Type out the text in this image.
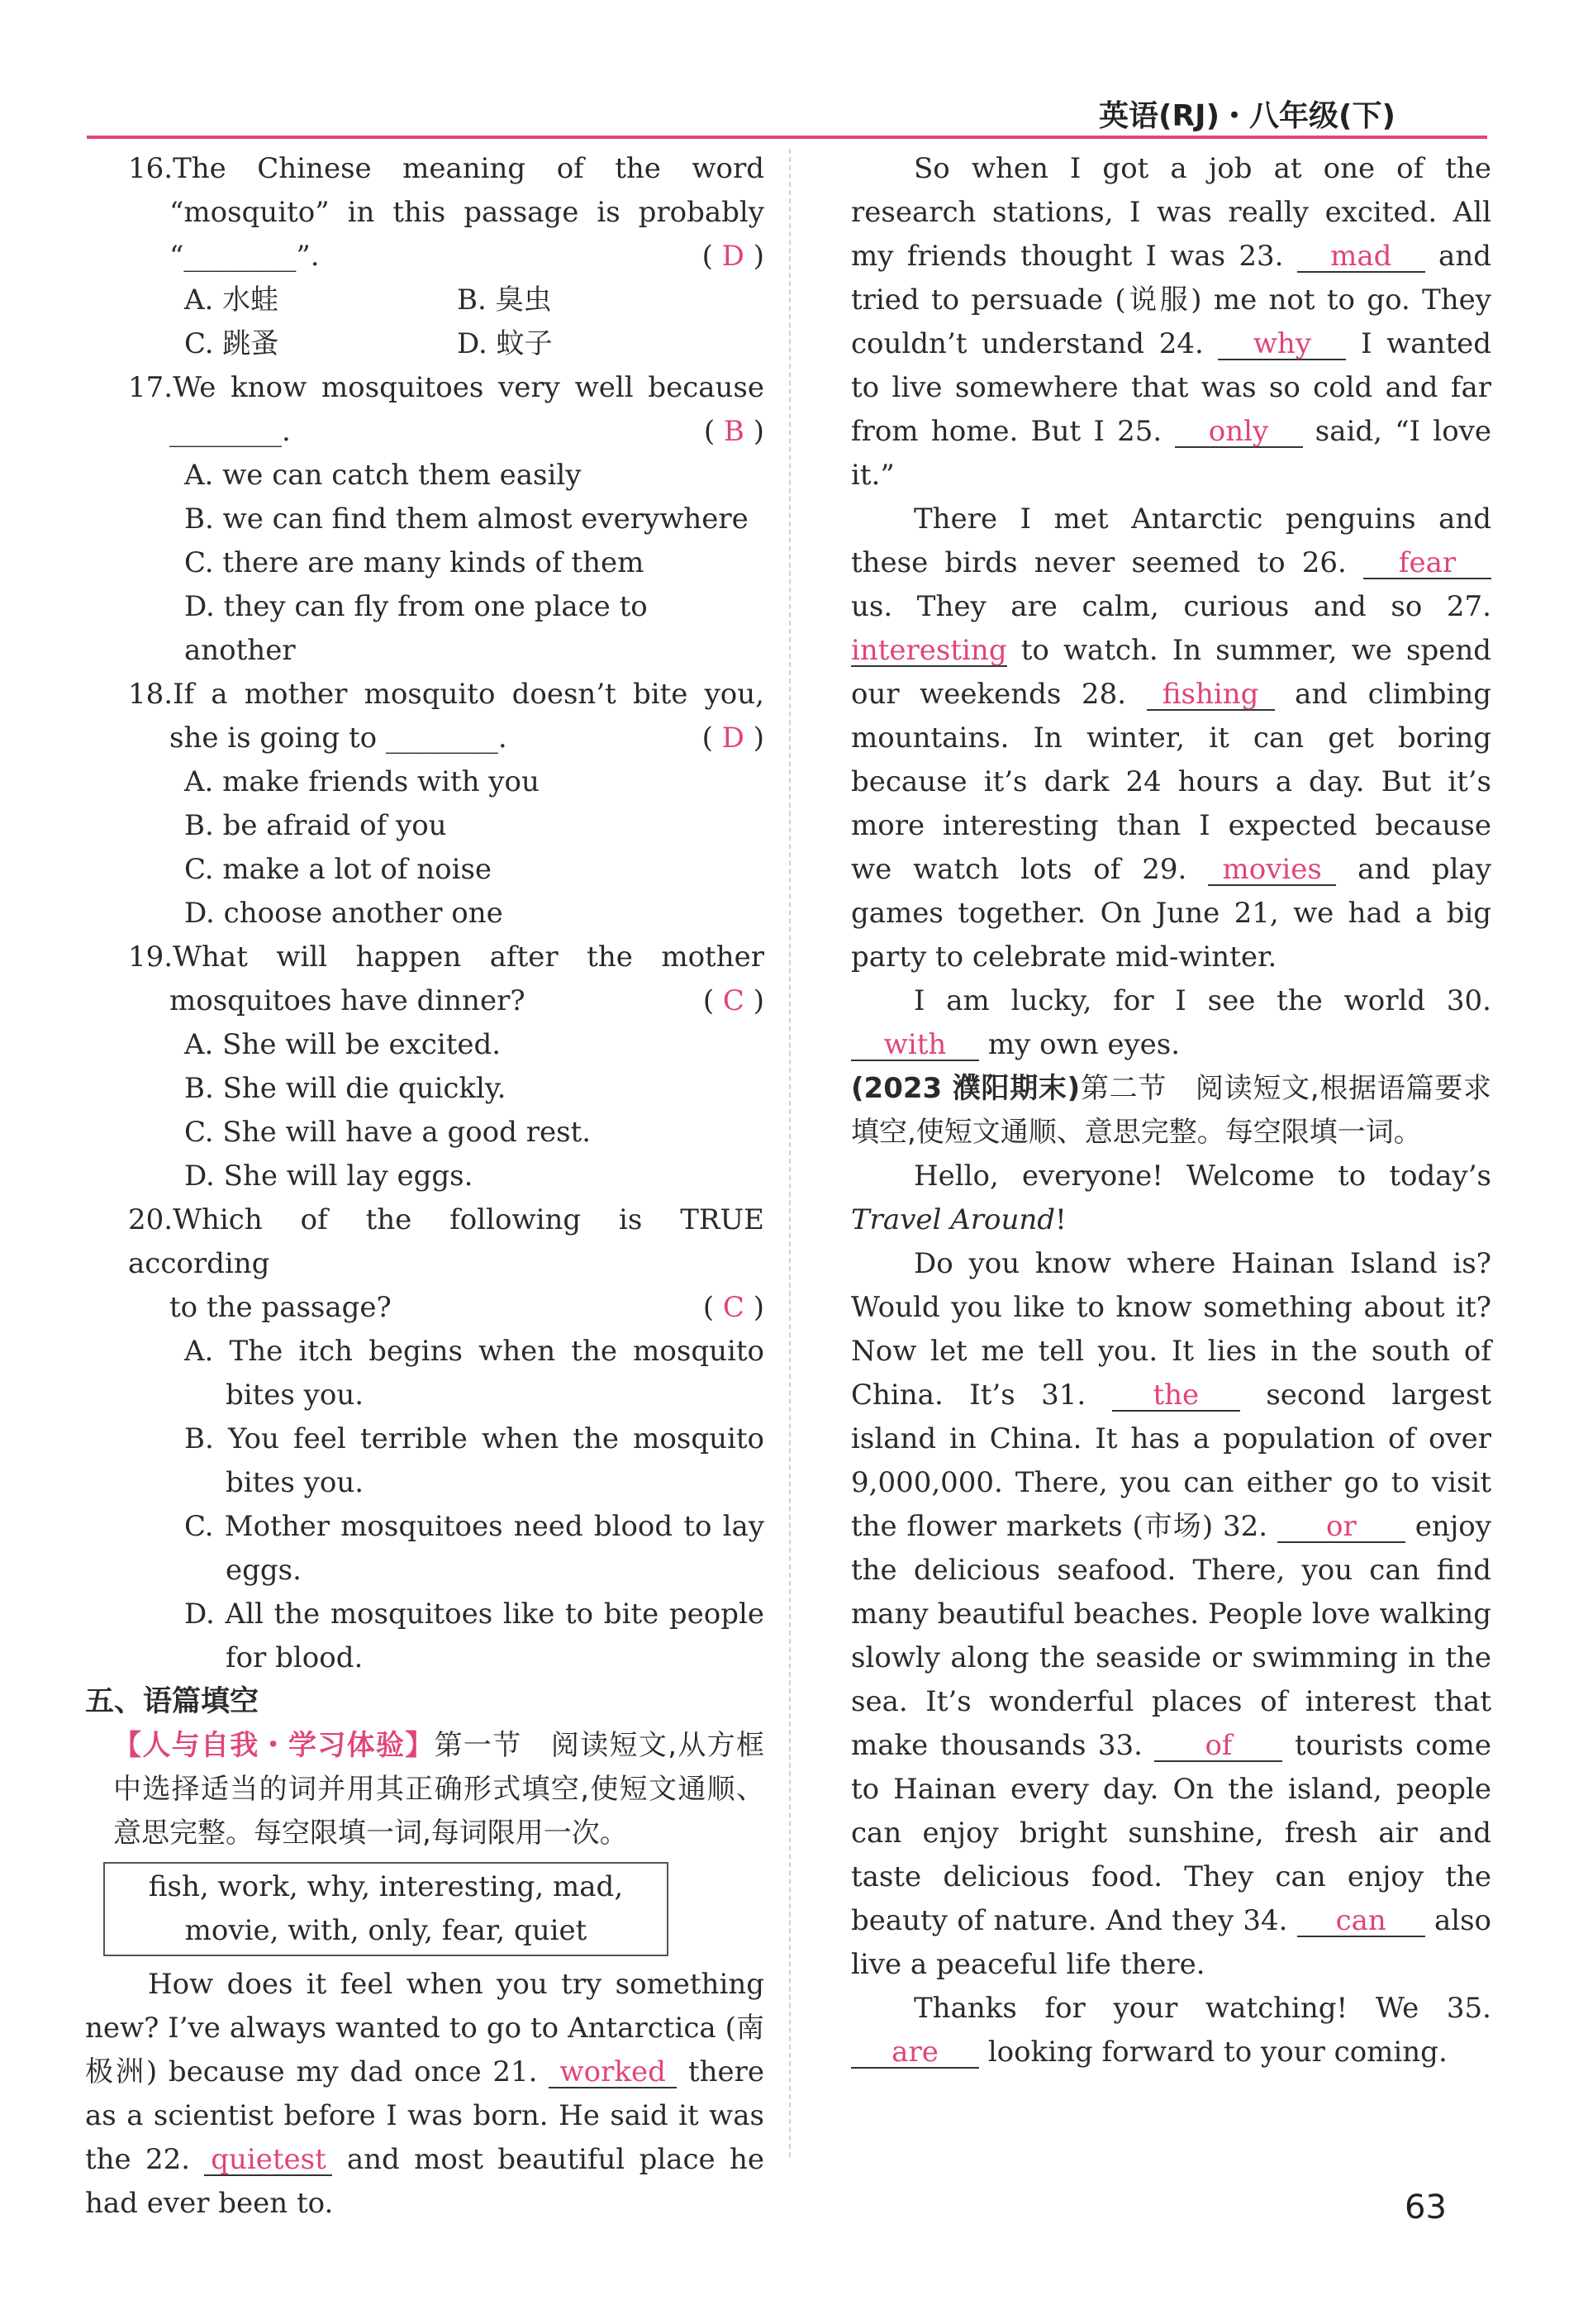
英语(RJ)・八年级(下)

16.The Chinese meaning of the word

“mosquito” in this passage is probably

“________”.	( D )
A. 水蛙	B. 臭虫
C. 跳蚤	D. 蚊子

17.We know mosquitoes very well because

________.	( B )

A. we can catch them easily

B. we can find them almost everywhere

C. there are many kinds of them

D. they can fly from one place to another

18.If a mother mosquito doesn’t bite you,

she is going to ________.	( D )

A. make friends with you

B. be afraid of you

C. make a lot of noise

D. choose another one

19.What will happen after the mother

mosquitoes have dinner?	( C )

A. She will be excited.

B. She will die quickly.

C. She will have a good rest.

D. She will lay eggs.

20.Which of the following is TRUE according

to the passage?	( C )

A. The itch begins when the mosquito

bites you.

B. You feel terrible when the mosquito

bites you.

C. Mother mosquitoes need blood to lay

eggs.

D. All the mosquitoes like to bite people

for blood.

五、语篇填空
【人与自我・学习体验】第一节　阅读短文,从方框中选择适当的词并用其正确形式填空,使短文通顺、意思完整。每空限填一词,每词限用一次。
fish, work, why, interesting, mad,
movie, with, only, fear, quiet

How does it feel when you try something new? I’ve always wanted to go to Antarctica (南极洲) because my dad once 21. worked there as a scientist before I was born. He said it was the 22. quietest and most beautiful place he had ever been to.

So when I got a job at one of the research stations, I was really excited. All my friends thought I was 23. mad and tried to persuade (说服) me not to go. They couldn’t understand 24. why I wanted to live somewhere that was so cold and far from home. But I 25. only said, “I love it.”

There I met Antarctic penguins and these birds never seemed to 26. fear us. They are calm, curious and so 27. interesting to watch. In summer, we spend our weekends 28. fishing and climbing mountains. In winter, it can get boring because it’s dark 24 hours a day. But it’s more interesting than I expected because we watch lots of 29. movies and play games together. On June 21, we had a big party to celebrate mid-winter.

I am lucky, for I see the world 30. with my own eyes.

(2023 濮阳期末)第二节　阅读短文,根据语篇要求填空,使短文通顺、意思完整。每空限填一词。

Hello, everyone! Welcome to today’s Travel Around!

Do you know where Hainan Island is? Would you like to know something about it? Now let me tell you. It lies in the south of China. It’s 31. the second largest island in China. It has a population of over 9,000,000. There, you can either go to visit the flower markets (市场) 32. or enjoy the delicious seafood. There, you can find many beautiful beaches. People love walking slowly along the seaside or swimming in the sea. It’s wonderful places of interest that make thousands 33. of tourists come to Hainan every day. On the island, people can enjoy bright sunshine, fresh air and taste delicious food. They can enjoy the beauty of nature. And they 34. can also live a peaceful life there.

Thanks for your watching! We 35. are looking forward to your coming.

63
